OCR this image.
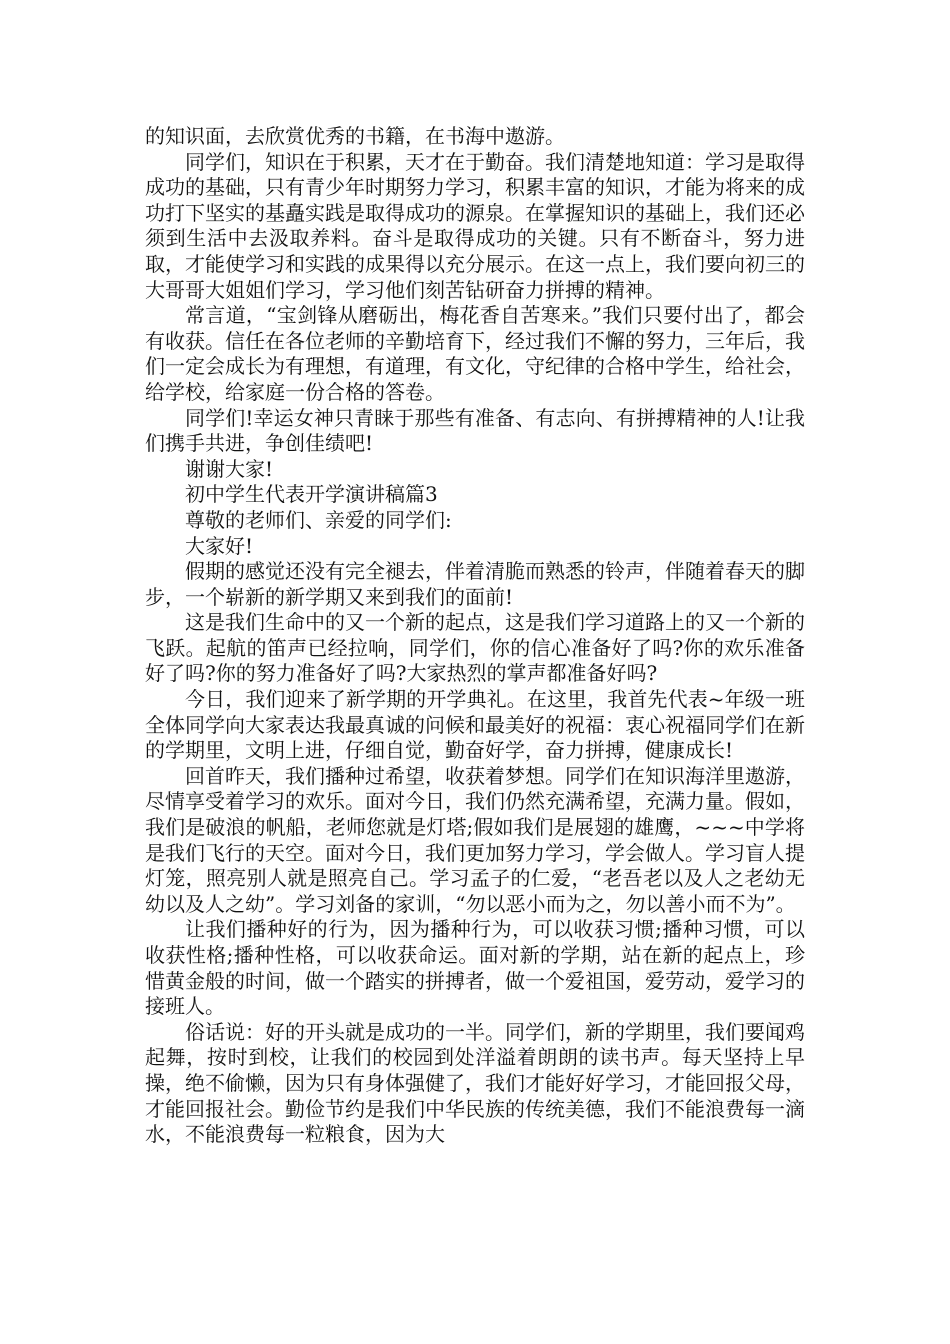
的知识面，去欣赏优秀的书籍，在书海中遨游。

同学们，知识在于积累，天才在于勤奋。我们清楚地知道：学习是取得成功的基础，只有青少年时期努力学习，积累丰富的知识，才能为将来的成功打下坚实的基矗实践是取得成功的源泉。在掌握知识的基础上，我们还必须到生活中去汲取养料。奋斗是取得成功的关键。只有不断奋斗，努力进取，才能使学习和实践的成果得以充分展示。在这一点上，我们要向初三的大哥哥大姐姐们学习，学习他们刻苦钻研奋力拼搏的精神。

常言道，“宝剑锋从磨砺出，梅花香自苦寒来。”我们只要付出了，都会有收获。信任在各位老师的辛勤培育下，经过我们不懈的努力，三年后，我们一定会成长为有理想，有道理，有文化，守纪律的合格中学生，给社会，给学校，给家庭一份合格的答卷。

同学们!幸运女神只青睐于那些有准备、有志向、有拼搏精神的人!让我们携手共进，争创佳绩吧!

谢谢大家!

初中学生代表开学演讲稿篇3

尊敬的老师们、亲爱的同学们:

大家好!

假期的感觉还没有完全褪去，伴着清脆而熟悉的铃声，伴随着春天的脚步，一个崭新的新学期又来到我们的面前!

这是我们生命中的又一个新的起点，这是我们学习道路上的又一个新的飞跃。起航的笛声已经拉响，同学们，你的信心准备好了吗?你的欢乐准备好了吗?你的努力准备好了吗?大家热烈的掌声都准备好吗?

今日，我们迎来了新学期的开学典礼。在这里，我首先代表~年级一班全体同学向大家表达我最真诚的问候和最美好的祝福：衷心祝福同学们在新的学期里，文明上进，仔细自觉，勤奋好学，奋力拼搏，健康成长!

回首昨天，我们播种过希望，收获着梦想。同学们在知识海洋里遨游，尽情享受着学习的欢乐。面对今日，我们仍然充满希望，充满力量。假如，我们是破浪的帆船，老师您就是灯塔;假如我们是展翅的雄鹰，~~~中学将是我们飞行的天空。面对今日，我们更加努力学习，学会做人。学习盲人提灯笼，照亮别人就是照亮自己。学习孟子的仁爱，“老吾老以及人之老幼无幼以及人之幼”。学习刘备的家训，“勿以恶小而为之，勿以善小而不为”。

让我们播种好的行为，因为播种行为，可以收获习惯;播种习惯，可以收获性格;播种性格，可以收获命运。面对新的学期，站在新的起点上，珍惜黄金般的时间，做一个踏实的拼搏者，做一个爱祖国，爱劳动，爱学习的接班人。

俗话说：好的开头就是成功的一半。同学们，新的学期里，我们要闻鸡起舞，按时到校，让我们的校园到处洋溢着朗朗的读书声。每天坚持上早操，绝不偷懒，因为只有身体强健了，我们才能好好学习，才能回报父母，才能回报社会。勤俭节约是我们中华民族的传统美德，我们不能浪费每一滴水，不能浪费每一粒粮食，因为大
